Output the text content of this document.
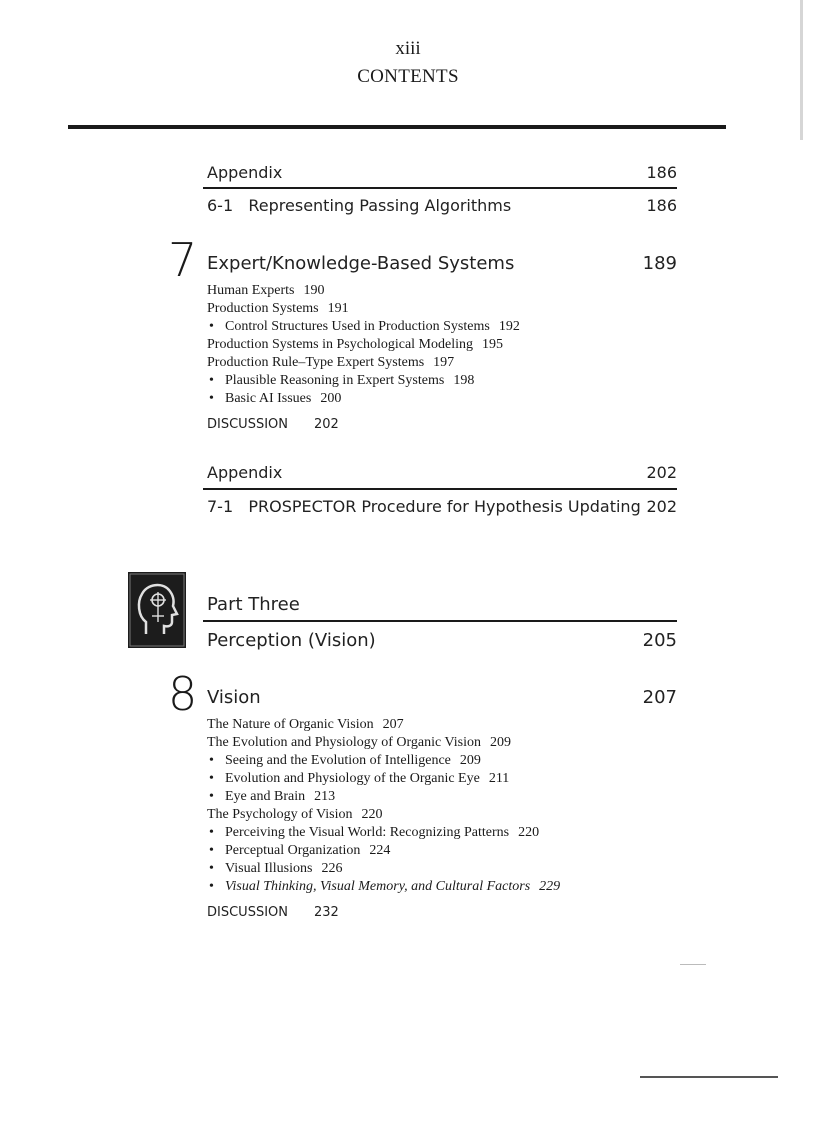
xiii
CONTENTS
Appendix	186
6-1   Representing Passing Algorithms	186
7 Expert/Knowledge-Based Systems	189
Human Experts 190
Production Systems 191
• Control Structures Used in Production Systems 192
Production Systems in Psychological Modeling 195
Production Rule–Type Expert Systems 197
• Plausible Reasoning in Expert Systems 198
• Basic AI Issues 200
DISCUSSION 202
Appendix	202
7-1   PROSPECTOR Procedure for Hypothesis Updating 202
Part Three
Perception (Vision)	205
8 Vision	207
The Nature of Organic Vision 207
The Evolution and Physiology of Organic Vision 209
• Seeing and the Evolution of Intelligence 209
• Evolution and Physiology of the Organic Eye 211
• Eye and Brain 213
The Psychology of Vision 220
• Perceiving the Visual World: Recognizing Patterns 220
• Perceptual Organization 224
• Visual Illusions 226
• Visual Thinking, Visual Memory, and Cultural Factors 229
DISCUSSION 232
